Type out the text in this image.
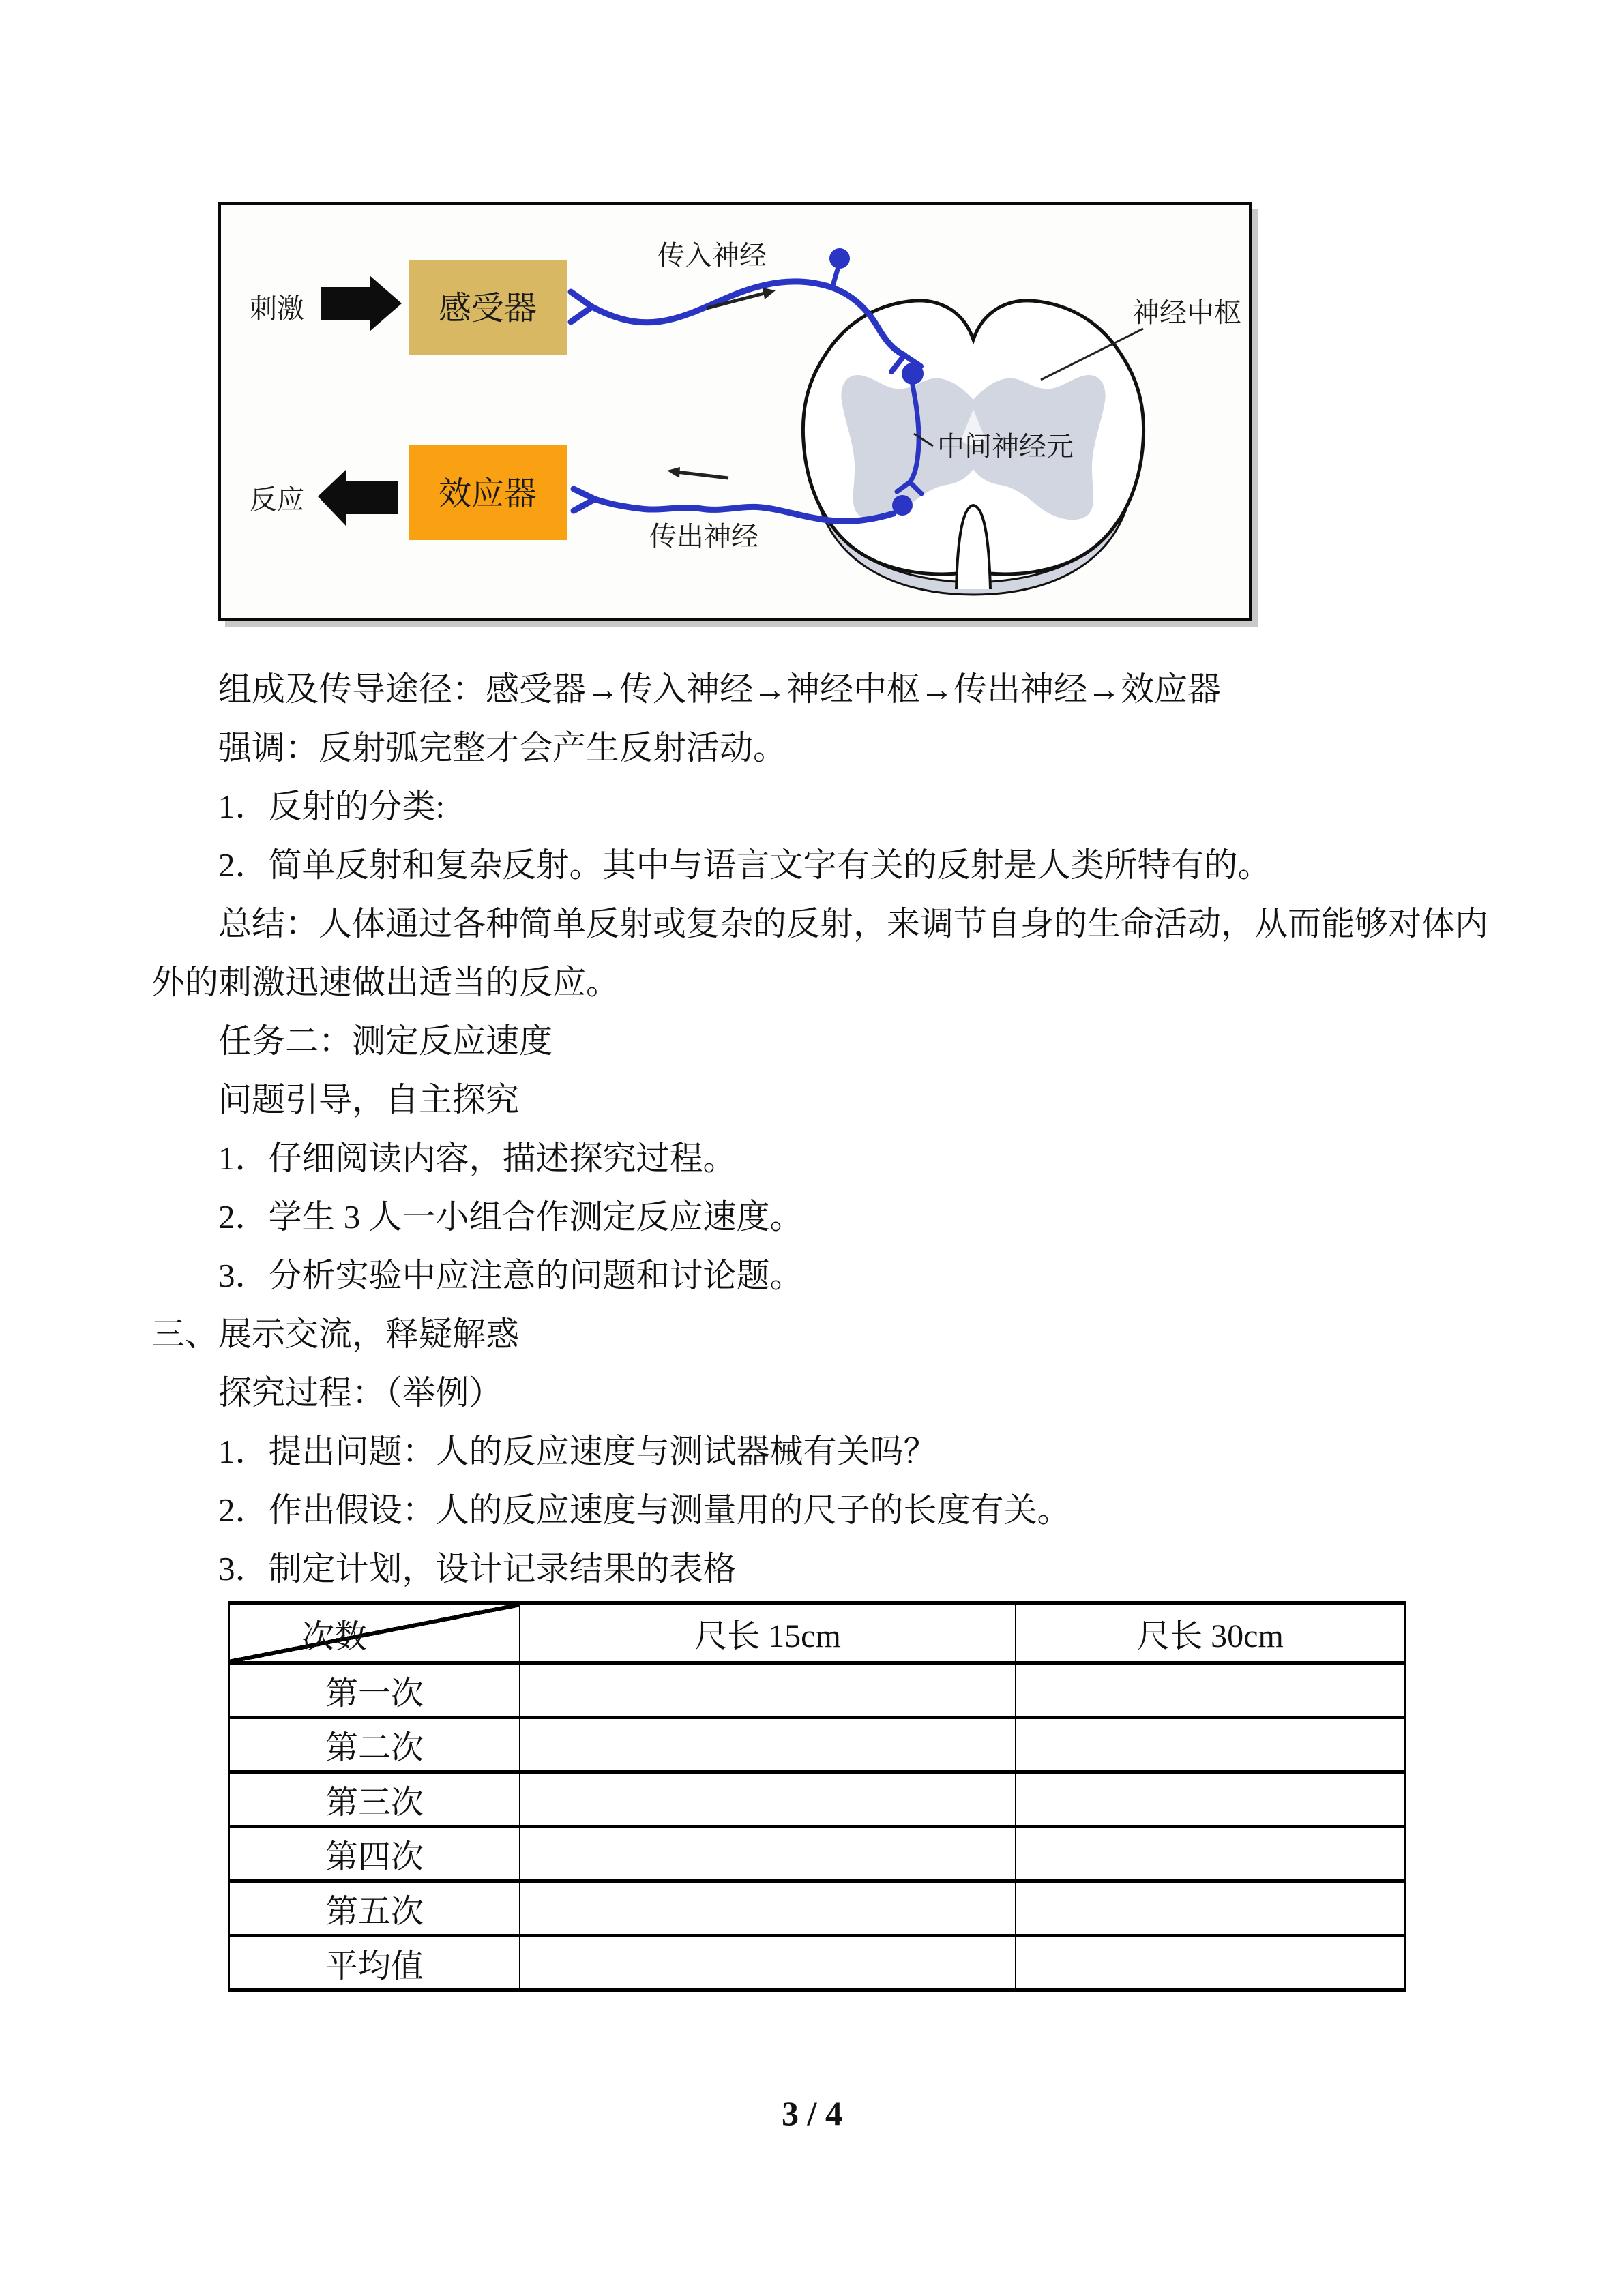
刺激	感受器
传入神经
神经中枢
中间神经元
反应	效应器
传出神经
组成及传导途径：感受器→传入神经→神经中枢→传出神经→效应器
强调：反射弧完整才会产生反射活动。
1．反射的分类:
2．简单反射和复杂反射。其中与语言文字有关的反射是人类所特有的。
总结：人体通过各种简单反射或复杂的反射，来调节自身的生命活动，从而能够对体内
外的刺激迅速做出适当的反应。
任务二：测定反应速度
问题引导，自主探究
1．仔细阅读内容，描述探究过程。
2．学生 3 人一小组合作测定反应速度。
3．分析实验中应注意的问题和讨论题。
三、展示交流，释疑解惑
探究过程：（举例）
1．提出问题：人的反应速度与测试器械有关吗？
2．作出假设：人的反应速度与测量用的尺子的长度有关。
3．制定计划，设计记录结果的表格
次数	尺长 15cm	尺长 30cm
第一次		
第二次		
第三次		
第四次		
第五次		
平均值		
3 / 4
